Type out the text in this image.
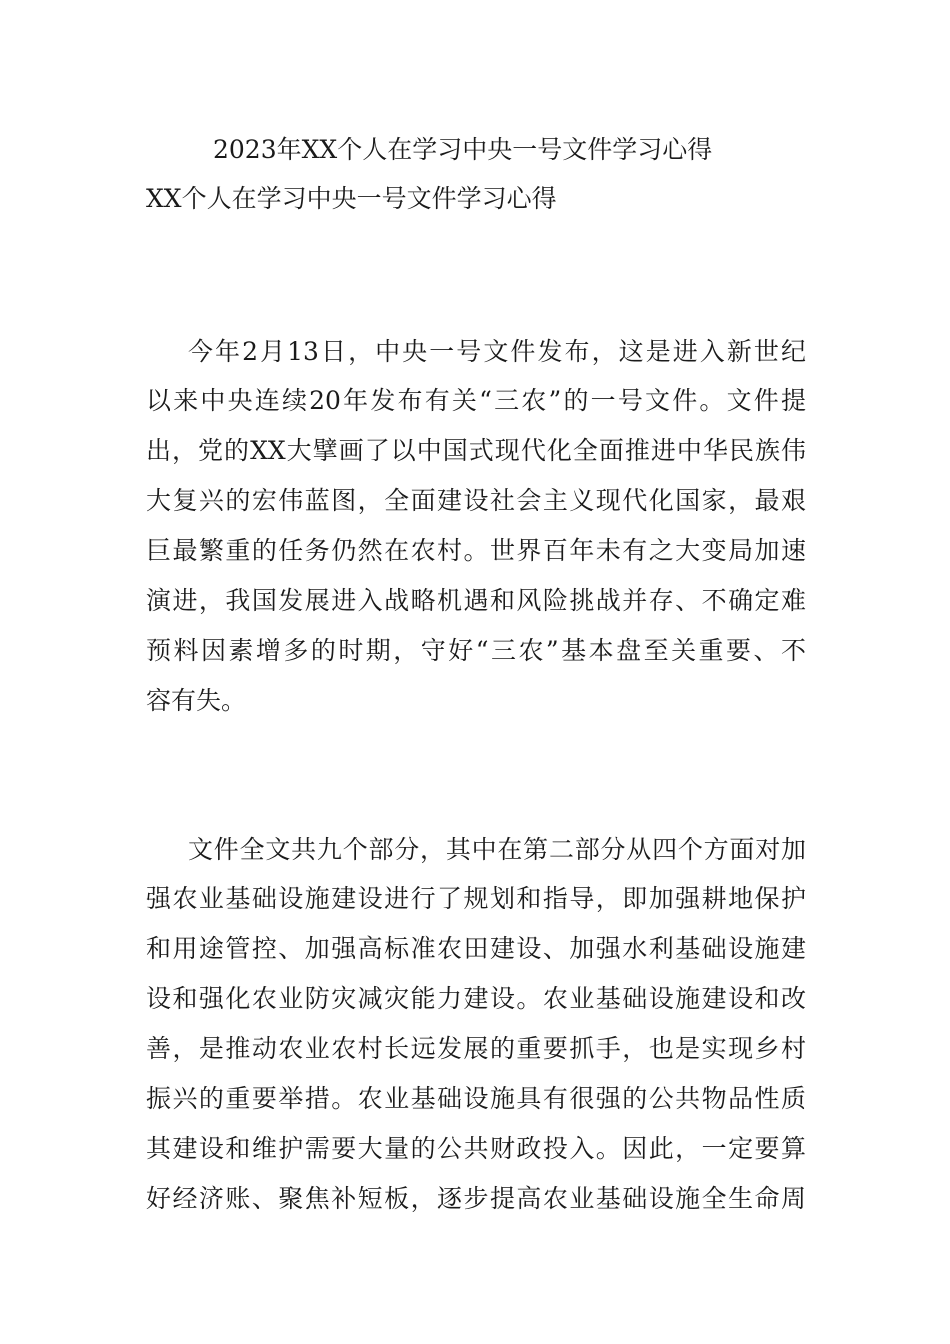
2023年XX个人在学习中央一号文件学习心得
XX个人在学习中央一号文件学习心得
今年2月13日，中央一号文件发布，这是进入新世纪
以来中央连续20年发布有关“三农”的一号文件。文件提
出，党的XX大擘画了以中国式现代化全面推进中华民族伟
大复兴的宏伟蓝图，全面建设社会主义现代化国家，最艰
巨最繁重的任务仍然在农村。世界百年未有之大变局加速
演进，我国发展进入战略机遇和风险挑战并存、不确定难
预料因素增多的时期，守好“三农”基本盘至关重要、不
容有失。
文件全文共九个部分，其中在第二部分从四个方面对加
强农业基础设施建设进行了规划和指导，即加强耕地保护
和用途管控、加强高标准农田建设、加强水利基础设施建
设和强化农业防灾减灾能力建设。农业基础设施建设和改
善，是推动农业农村长远发展的重要抓手，也是实现乡村
振兴的重要举措。农业基础设施具有很强的公共物品性质
其建设和维护需要大量的公共财政投入。因此，一定要算
好经济账、聚焦补短板，逐步提高农业基础设施全生命周
